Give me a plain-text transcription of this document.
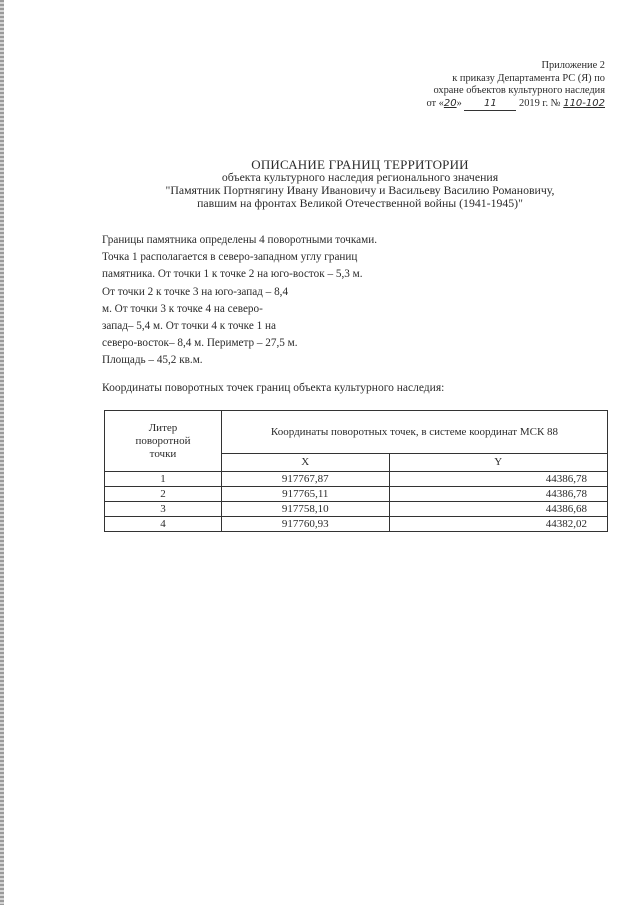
Приложение 2
к приказу Департамента РС (Я) по
охране объектов культурного наследия
от «20» 11 2019 г. № 110-102
ОПИСАНИЕ ГРАНИЦ ТЕРРИТОРИИ
объекта культурного наследия регионального значения
"Памятник Портнягину Ивану Ивановичу и Васильеву Василию Романовичу,
павшим на фронтах Великой Отечественной войны (1941-1945)"
Границы памятника определены 4 поворотными точками.
Точка 1 располагается в северо-западном углу границ
памятника. От точки 1 к точке 2 на юго-восток – 5,3 м.
От точки 2 к точке 3 на юго-запад – 8,4
м. От точки 3 к точке 4 на северо-
запад– 5,4 м. От точки 4 к точке 1 на
северо-восток– 8,4 м. Периметр – 27,5 м.
Площадь – 45,2 кв.м.
Координаты поворотных точек границ объекта культурного наследия:
Литер поворотной точки	Координаты поворотных точек, в системе координат МСК 88	
	X	Y
1	917767,87	44386,78
2	917765,11	44386,78
3	917758,10	44386,68
4	917760,93	44382,02
